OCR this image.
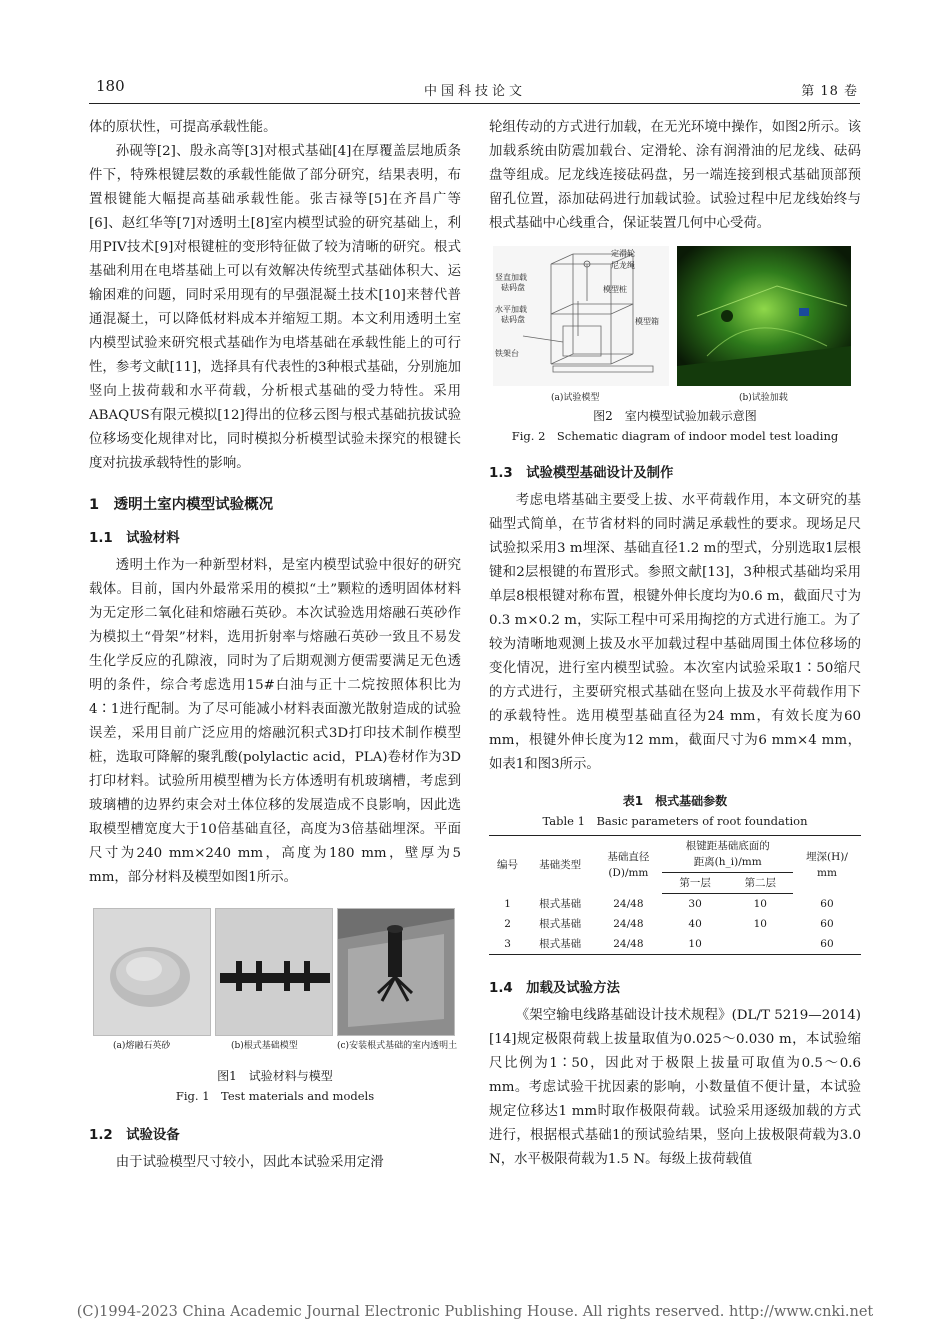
180	中国科技论文	第 18 卷

体的原状性，可提高承载性能。

孙砚等[2]、殷永高等[3]对根式基础[4]在厚覆盖层地质条件下，特殊根键层数的承载性能做了部分研究，结果表明，布置根键能大幅提高基础承载性能。张吉禄等[5]在齐昌广等[6]、赵红华等[7]对透明土[8]室内模型试验的研究基础上，利用PIV技术[9]对根键桩的变形特征做了较为清晰的研究。根式基础利用在电塔基础上可以有效解决传统型式基础体积大、运输困难的问题，同时采用现有的早强混凝土技术[10]来替代普通混凝土，可以降低材料成本并缩短工期。本文利用透明土室内模型试验来研究根式基础作为电塔基础在承载性能上的可行性，参考文献[11]，选择具有代表性的3种根式基础，分别施加竖向上拔荷载和水平荷载，分析根式基础的受力特性。采用ABAQUS有限元模拟[12]得出的位移云图与根式基础抗拔试验位移场变化规律对比，同时模拟分析模型试验未探究的根键长度对抗拔承载特性的影响。

1　透明土室内模型试验概况
1.1　试验材料

透明土作为一种新型材料，是室内模型试验中很好的研究载体。目前，国内外最常采用的模拟“土”颗粒的透明固体材料为无定形二氧化硅和熔融石英砂。本次试验选用熔融石英砂作为模拟土“骨架”材料，选用折射率与熔融石英砂一致且不易发生化学反应的孔隙液，同时为了后期观测方便需要满足无色透明的条件，综合考虑选用15#白油与正十二烷按照体积比为4∶1进行配制。为了尽可能减小材料表面激光散射造成的试验误差，采用目前广泛应用的熔融沉积式3D打印技术制作模型桩，选取可降解的聚乳酸(polylactic acid，PLA)卷材作为3D打印材料。试验所用模型槽为长方体透明有机玻璃槽，考虑到玻璃槽的边界约束会对土体位移的发展造成不良影响，因此选取模型槽宽度大于10倍基础直径，高度为3倍基础埋深。平面尺寸为240 mm×240 mm，高度为180 mm，壁厚为5 mm，部分材料及模型如图1所示。

(a)熔融石英砂	(b)根式基础模型	(c)安装根式基础的室内透明土

图1　试验材料与模型

Fig. 1　Test materials and models

1.2　试验设备

由于试验模型尺寸较小，因此本试验采用定滑

轮组传动的方式进行加载，在无光环境中操作，如图2所示。该加载系统由防震加载台、定滑轮、涂有润滑油的尼龙线、砝码盘等组成。尼龙线连接砝码盘，另一端连接到根式基础顶部预留孔位置，添加砝码进行加载试验。试验过程中尼龙线始终与根式基础中心线重合，保证装置几何中心受荷。

定滑轮
尼龙绳
竖直加载
砝码盘	模型桩
水平加载
砝码盘	模型箱
铁架台
(a)试验模型	(b)试验加载

图2　室内模型试验加载示意图

Fig. 2　Schematic diagram of indoor model test loading

1.3　试验模型基础设计及制作

考虑电塔基础主要受上拔、水平荷载作用，本文研究的基础型式简单，在节省材料的同时满足承载性的要求。现场足尺试验拟采用3 m埋深、基础直径1.2 m的型式，分别选取1层根键和2层根键的布置形式。参照文献[13]，3种根式基础均采用单层8根根键对称布置，根键外伸长度均为0.6 m，截面尺寸为0.3 m×0.2 m，实际工程中可采用掏挖的方式进行施工。为了较为清晰地观测上拔及水平加载过程中基础周围土体位移场的变化情况，进行室内模型试验。本次室内试验采取1∶50缩尺的方式进行，主要研究根式基础在竖向上拔及水平荷载作用下的承载特性。选用模型基础直径为24 mm，有效长度为60 mm，根键外伸长度为12 mm，截面尺寸为6 mm×4 mm，如表1和图3所示。

表1　 根式基础参数

Table 1　Basic parameters of root foundation

编号	基础类型	基础直径
(D)/mm	根键距基础底面的
距离(h_i)/mm		埋深(H)/
mm
			第一层	第二层	
1	根式基础	24/48	30	10	60
2	根式基础	24/48	40	10	60
3	根式基础	24/48	10		60
1.4　加载及试验方法

《架空输电线路基础设计技术规程》(DL/T 5219—2014)[14]规定极限荷载上拔量取值为0.025～0.030 m，本试验缩尺比例为1∶50，因此对于极限上拔量可取值为0.5～0.6 mm。考虑试验干扰因素的影响，小数量值不便计量，本试验规定位移达1 mm时取作极限荷载。试验采用逐级加载的方式进行，根据根式基础1的预试验结果，竖向上拔极限荷载为3.0 N，水平极限荷载为1.5 N。每级上拔荷载值

(C)1994-2023 China Academic Journal Electronic Publishing House. All rights reserved. http://www.cnki.net
